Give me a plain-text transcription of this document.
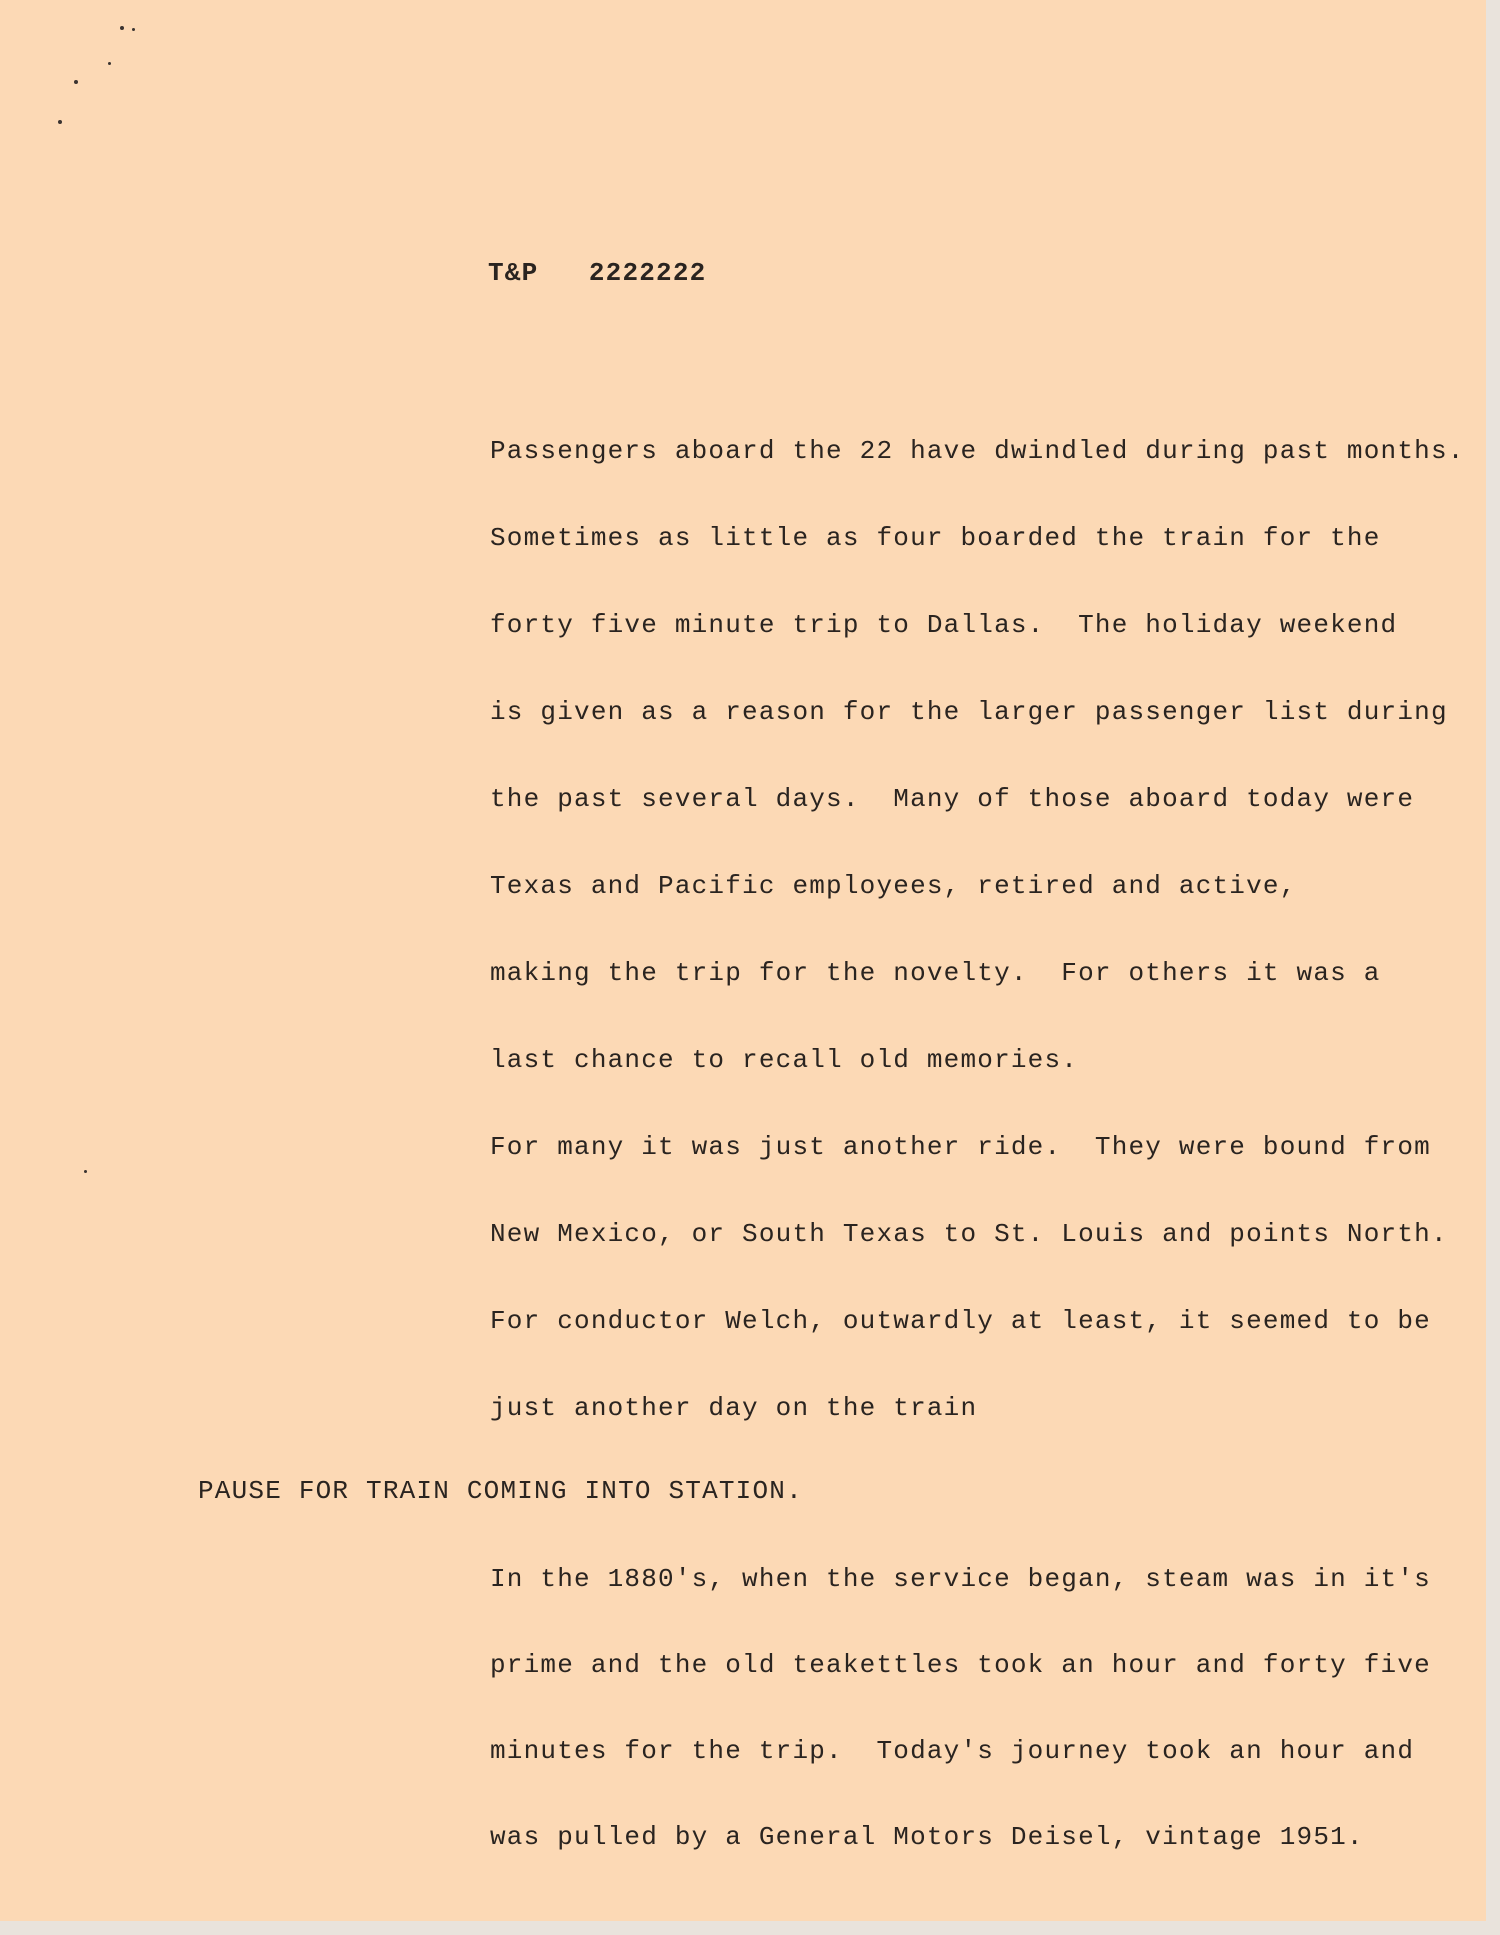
T&P 2222222

Passengers aboard the 22 have dwindled during past months.

Sometimes as little as four boarded the train for the

forty five minute trip to Dallas.  The holiday weekend

is given as a reason for the larger passenger list during

the past several days.  Many of those aboard today were

Texas and Pacific employees, retired and active,

making the trip for the novelty.  For others it was a

last chance to recall old memories.

For many it was just another ride.  They were bound from

New Mexico, or South Texas to St. Louis and points North.

For conductor Welch, outwardly at least, it seemed to be

just another day on the train

PAUSE FOR TRAIN COMING INTO STATION.

In the 1880's, when the service began, steam was in it's

prime and the old teakettles took an hour and forty five

minutes for the trip.  Today's journey took an hour and

was pulled by a General Motors Deisel, vintage 1951.
